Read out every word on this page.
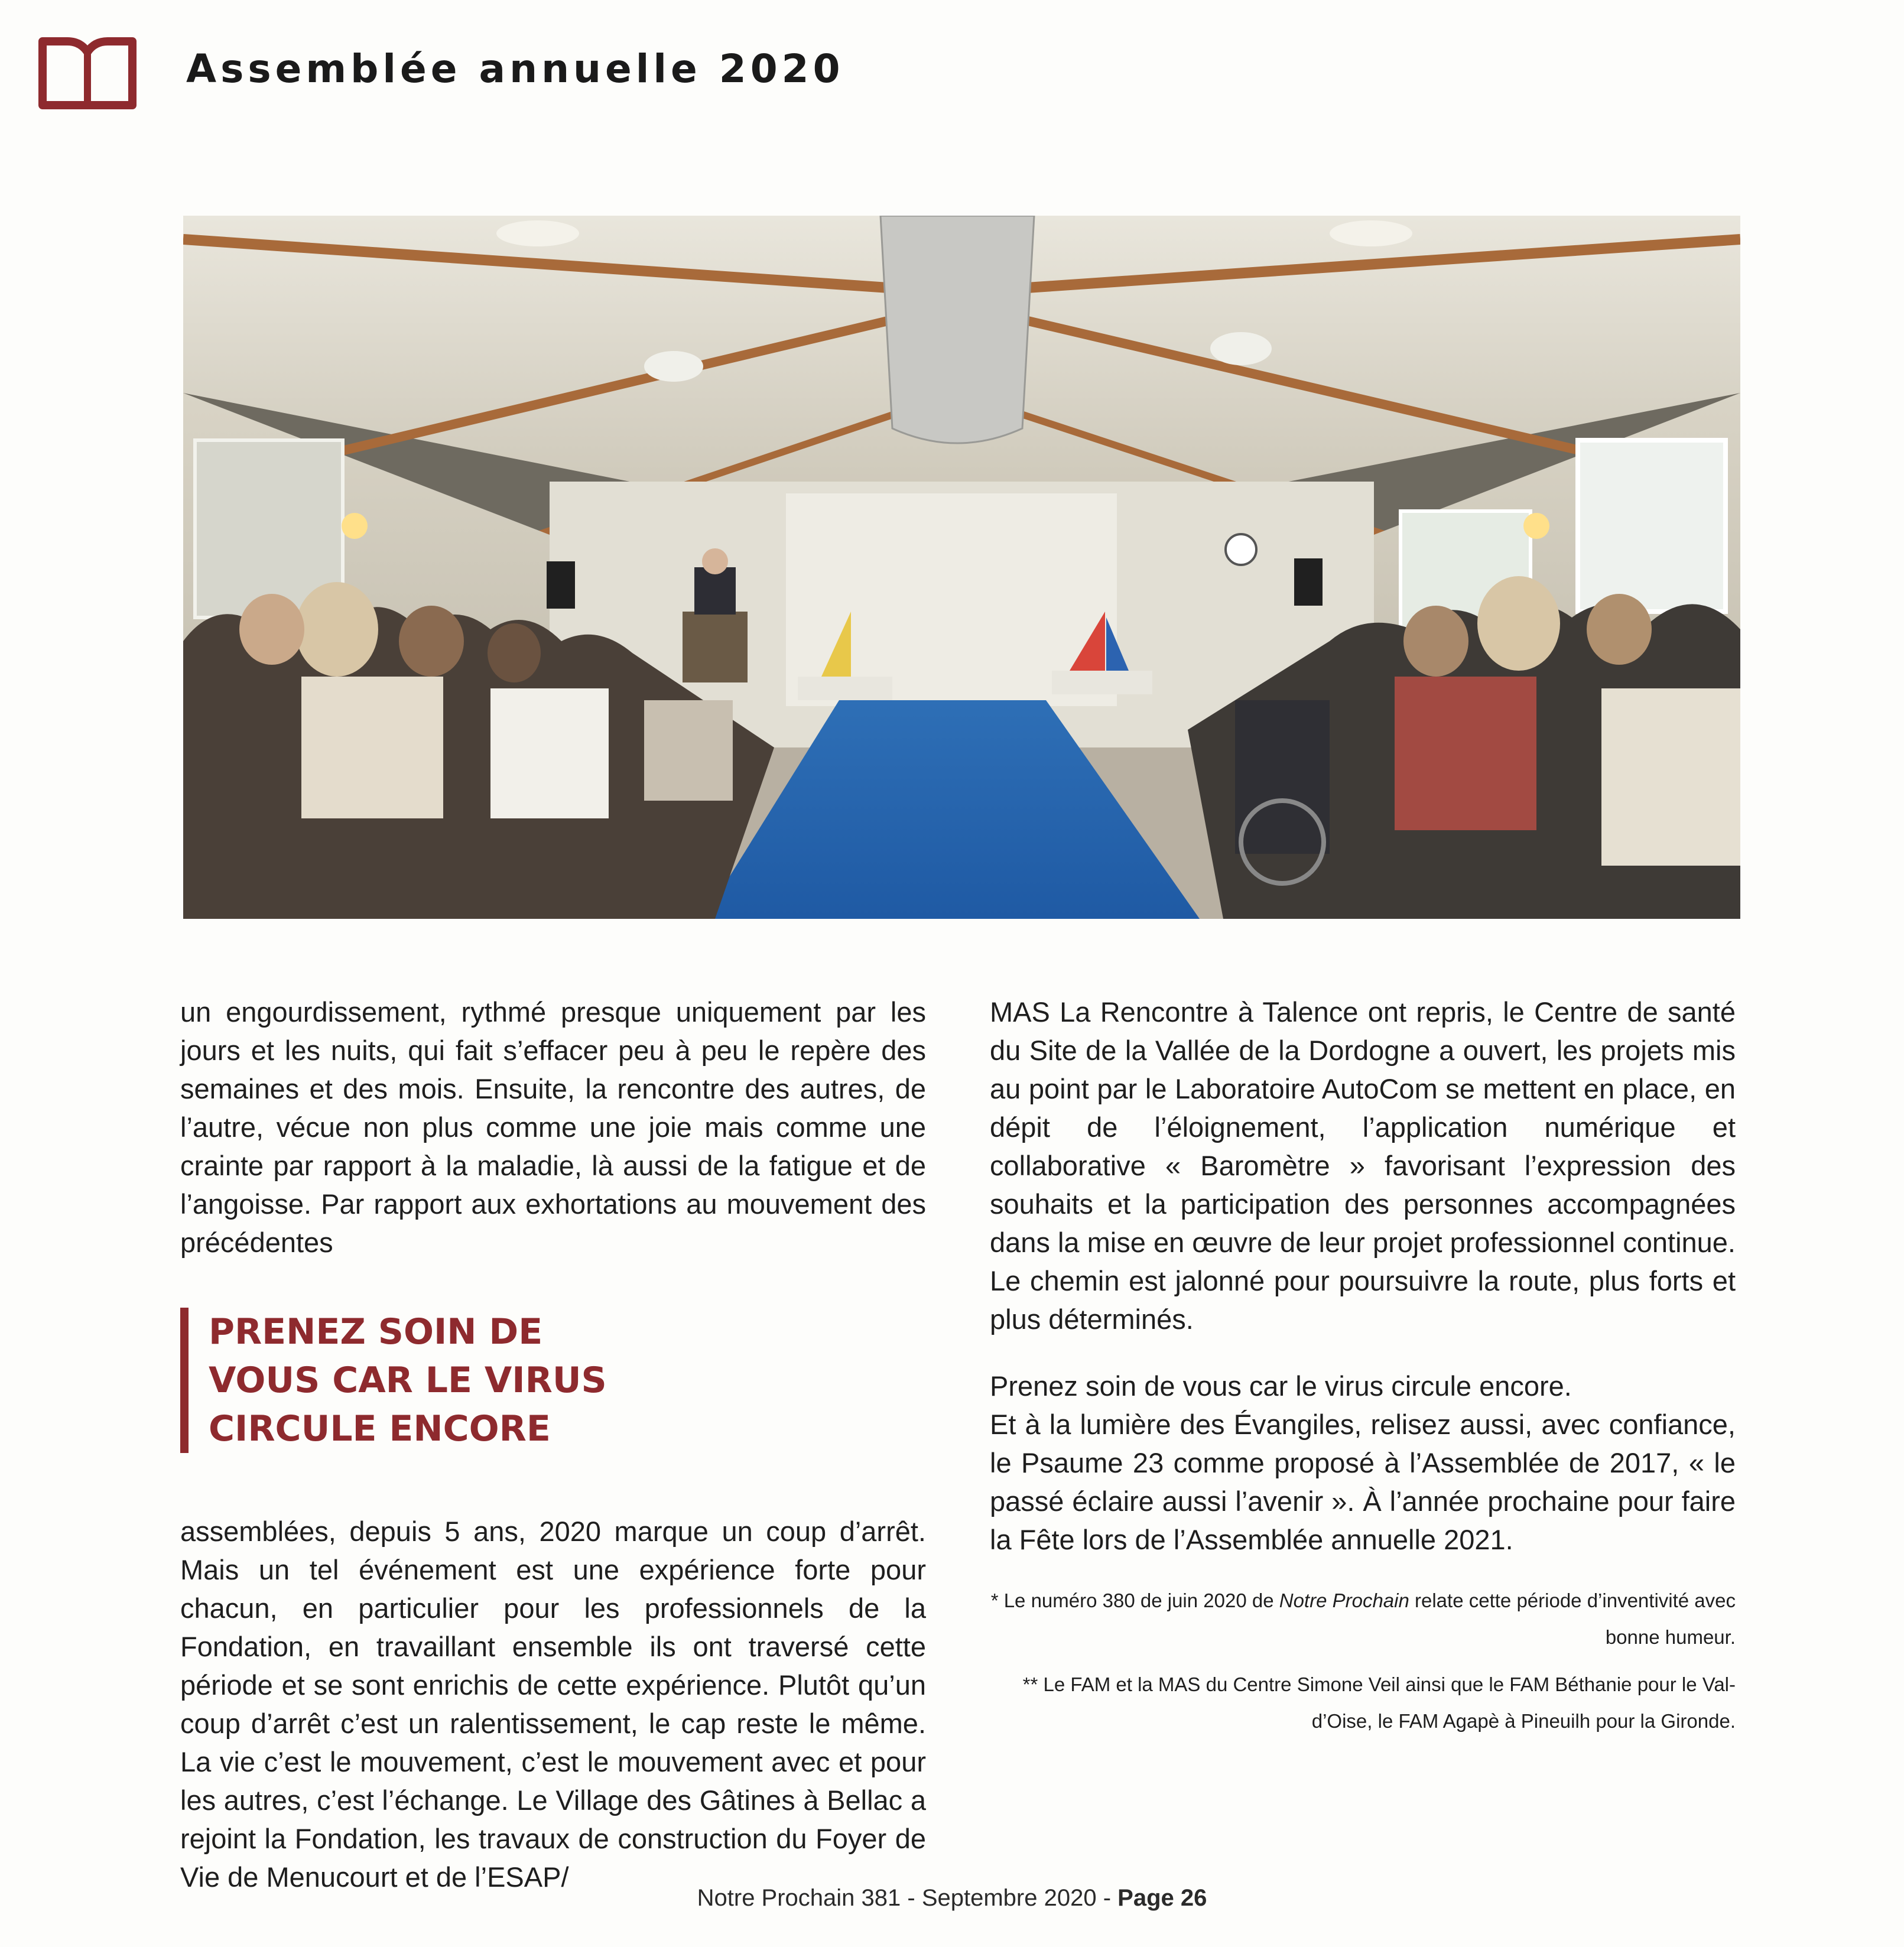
Assemblée annuelle 2020

un engourdissement, rythmé presque uniquement par les jours et les nuits, qui fait s’effacer peu à peu le repère des semaines et des mois. Ensuite, la rencontre des autres, de l’autre, vécue non plus comme une joie mais comme une crainte par rapport à la maladie, là aussi de la fatigue et de l’angoisse. Par rapport aux exhortations au mouvement des précédentes

PRENEZ SOIN DE VOUS CAR LE VIRUS CIRCULE ENCORE

assemblées, depuis 5 ans, 2020 marque un coup d’arrêt. Mais un tel événement est une expérience forte pour chacun, en particulier pour les professionnels de la Fondation, en travaillant ensemble ils ont traversé cette période et se sont enrichis de cette expérience. Plutôt qu’un coup d’arrêt c’est un ralentissement, le cap reste le même. La vie c’est le mouvement, c’est le mouvement avec et pour les autres, c’est l’échange. Le Village des Gâtines à Bellac a rejoint la Fondation, les travaux de construction du Foyer de Vie de Menucourt et de l’ESAP/

MAS La Rencontre à Talence ont repris, le Centre de santé du Site de la Vallée de la Dordogne a ouvert, les projets mis au point par le Laboratoire AutoCom se mettent en place, en dépit de l’éloignement, l’application numérique et collaborative « Baromètre » favorisant l’expression des souhaits et la participation des personnes accompagnées dans la mise en œuvre de leur projet professionnel continue. Le chemin est jalonné pour poursuivre la route, plus forts et plus déterminés.

Prenez soin de vous car le virus circule encore.

Et à la lumière des Évangiles, relisez aussi, avec confiance, le Psaume 23 comme proposé à l’Assemblée de 2017, « le passé éclaire aussi l’avenir ». À l’année prochaine pour faire la Fête lors de l’Assemblée annuelle 2021.

* Le numéro 380 de juin 2020 de Notre Prochain relate cette période d’inventivité avec bonne humeur.

** Le FAM et la MAS du Centre Simone Veil ainsi que le FAM Béthanie pour le Val-d’Oise, le FAM Agapè à Pineuilh pour la Gironde.

Notre Prochain 381 - Septembre 2020 - Page 26
